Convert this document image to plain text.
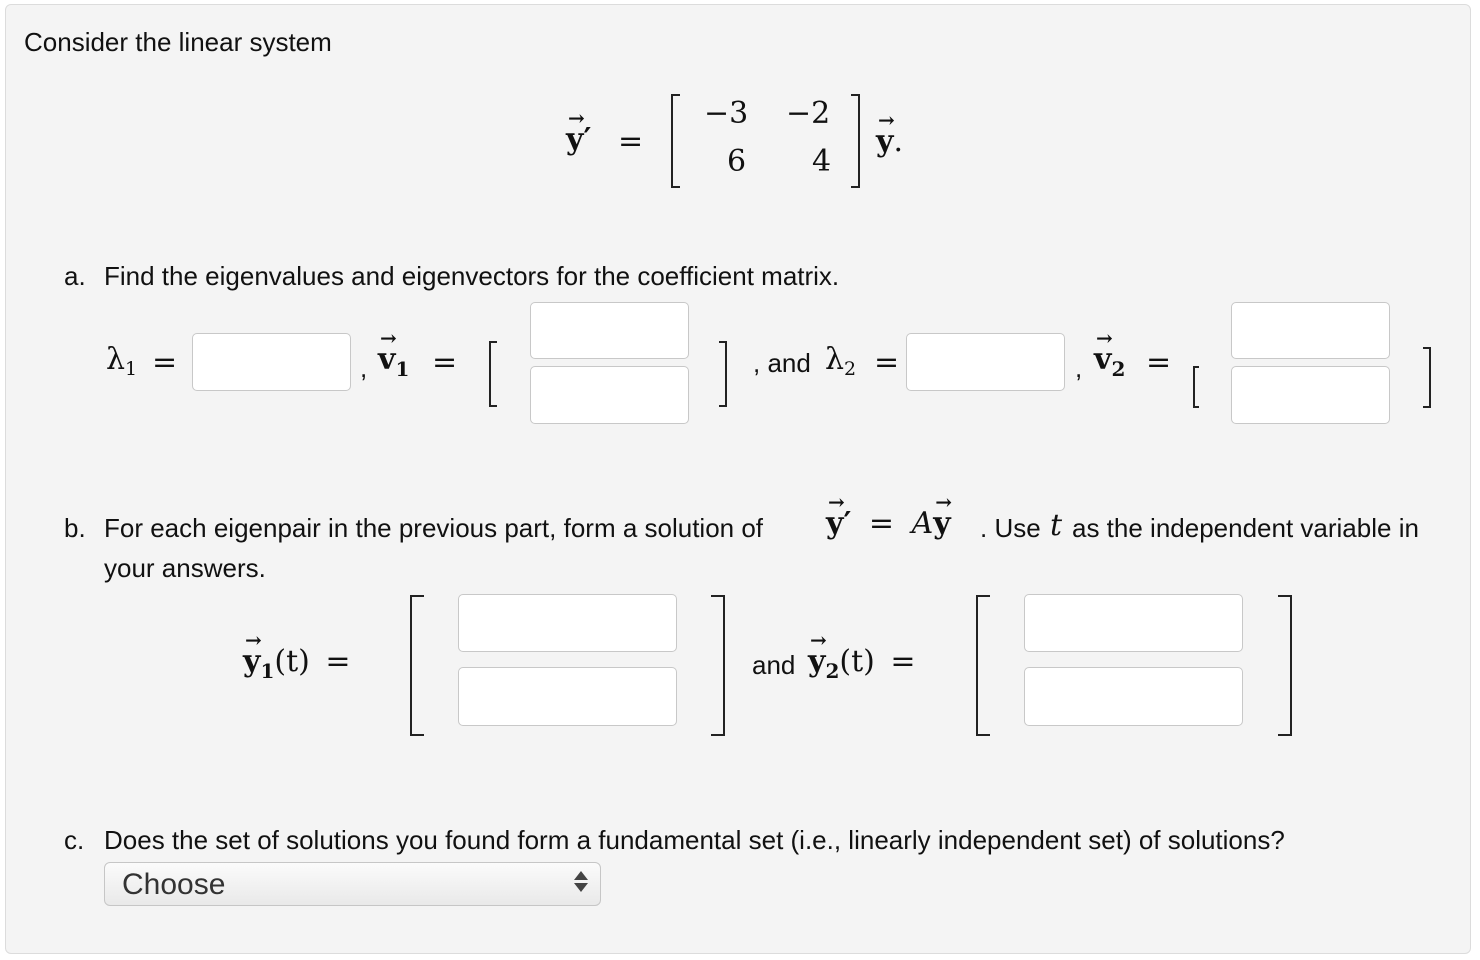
Consider the linear system
y →′ =
−3 −2
6 4
y →.
a. Find the eigenvalues and eigenvectors for the coefficient matrix.
$\lambda_1$ =	, $v \to_1$ =	, and $\lambda_2$ =	, $v \to_2$ =
b. For each eigenpair in the previous part, form a solution of y →′ = Ay → . Use t as the independent variable in
your answers.
$y \to_1(t)$ =	and $y \to_2(t)$ =
c. Does the set of solutions you found form a fundamental set (i.e., linearly independent set) of solutions?
Choose
